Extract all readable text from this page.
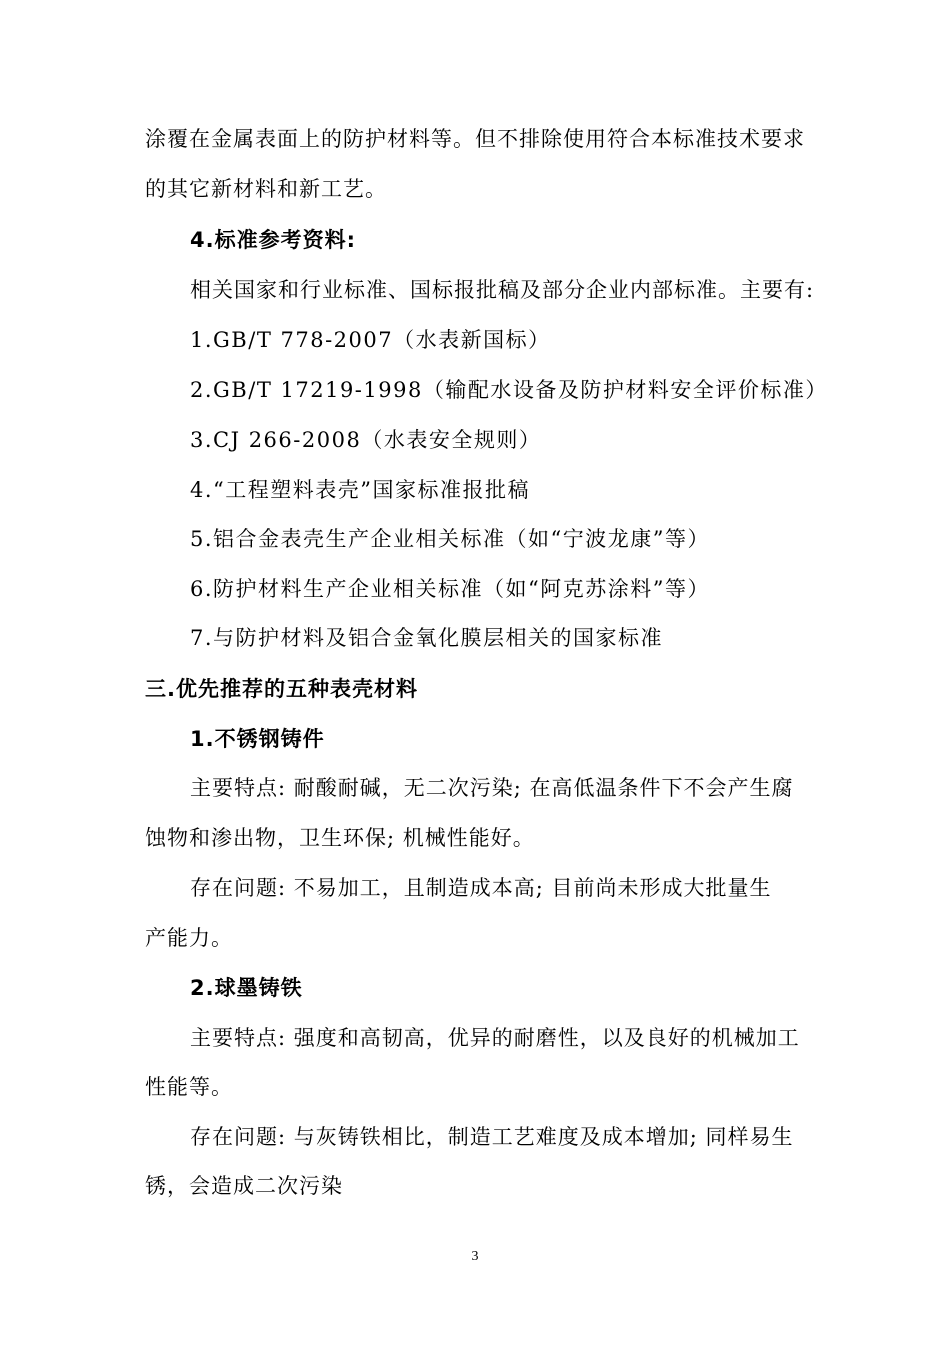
涂覆在金属表面上的防护材料等。但不排除使用符合本标准技术要求
的其它新材料和新工艺。
4.标准参考资料:
相关国家和行业标准、国标报批稿及部分企业内部标准。主要有:
1.GB/T 778-2007（水表新国标）
2.GB/T 17219-1998（输配水设备及防护材料安全评价标准）
3.CJ 266-2008（水表安全规则）
4.“工程塑料表壳”国家标准报批稿
5.铝合金表壳生产企业相关标准（如“宁波龙康”等）
6.防护材料生产企业相关标准（如“阿克苏涂料”等）
7.与防护材料及铝合金氧化膜层相关的国家标准
三.优先推荐的五种表壳材料
1.不锈钢铸件
主要特点: 耐酸耐碱，无二次污染; 在高低温条件下不会产生腐
蚀物和渗出物，卫生环保; 机械性能好。
存在问题: 不易加工，且制造成本高; 目前尚未形成大批量生
产能力。
2.球墨铸铁
主要特点: 强度和高韧高，优异的耐磨性，以及良好的机械加工
性能等。
存在问题: 与灰铸铁相比，制造工艺难度及成本增加; 同样易生
锈，会造成二次污染
3
